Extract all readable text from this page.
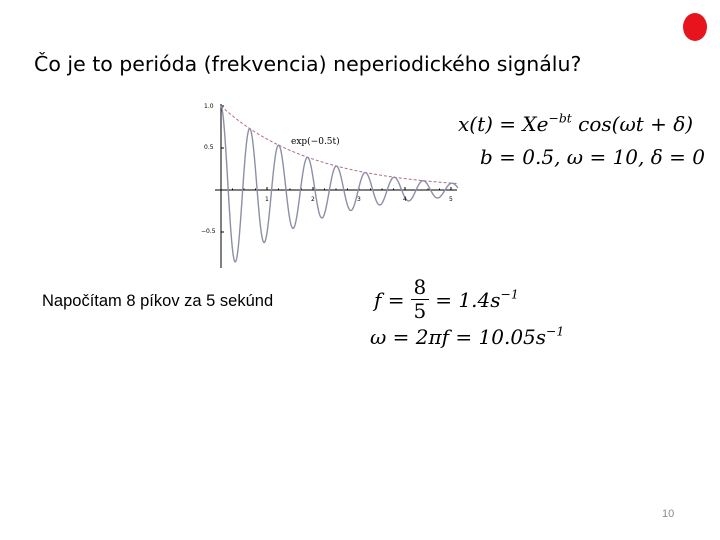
Čo je to perióda (frekvencia) neperiodického signálu?
exp(−0.5t)
1.0
0.5
−0.5
1	2	3	4	5
$x(t) = Xe^{-bt}$ cos(ωt + δ)
b = 0.5, ω = 10, δ = 0
Napočítam 8 píkov za 5 sekúnd	$f = \frac{8}{5} = 1.4s^{-1}$
$\omega = 2\pi f = 10.05s^{-1}$
10
